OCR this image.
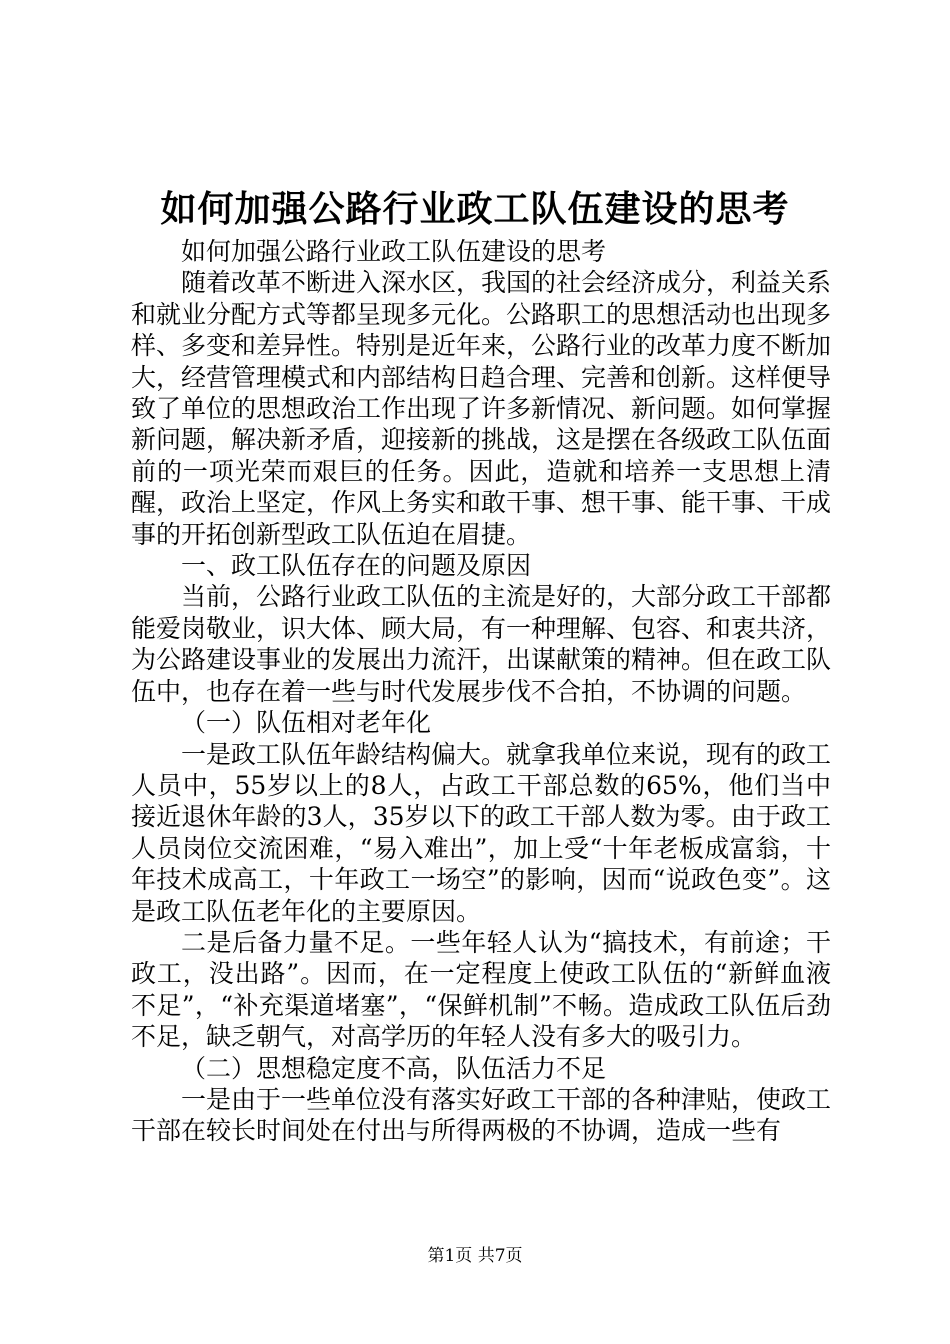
如何加强公路行业政工队伍建设的思考

如何加强公路行业政工队伍建设的思考

随着改革不断进入深水区，我国的社会经济成分，利益关系和就业分配方式等都呈现多元化。公路职工的思想活动也出现多样、多变和差异性。特别是近年来，公路行业的改革力度不断加大，经营管理模式和内部结构日趋合理、完善和创新。这样便导致了单位的思想政治工作出现了许多新情况、新问题。如何掌握新问题，解决新矛盾，迎接新的挑战，这是摆在各级政工队伍面前的一项光荣而艰巨的任务。因此，造就和培养一支思想上清醒，政治上坚定，作风上务实和敢干事、想干事、能干事、干成事的开拓创新型政工队伍迫在眉捷。

一、政工队伍存在的问题及原因

当前，公路行业政工队伍的主流是好的，大部分政工干部都能爱岗敬业，识大体、顾大局，有一种理解、包容、和衷共济，为公路建设事业的发展出力流汗，出谋献策的精神。但在政工队伍中，也存在着一些与时代发展步伐不合拍，不协调的问题。

（一）队伍相对老年化

一是政工队伍年龄结构偏大。就拿我单位来说，现有的政工人员中，55岁以上的8人，占政工干部总数的65%，他们当中接近退休年龄的3人，35岁以下的政工干部人数为零。由于政工人员岗位交流困难，“易入难出”，加上受“十年老板成富翁，十年技术成高工，十年政工一场空”的影响，因而“说政色变”。这是政工队伍老年化的主要原因。

二是后备力量不足。一些年轻人认为“搞技术，有前途；干政工，没出路”。因而，在一定程度上使政工队伍的“新鲜血液不足”，“补充渠道堵塞”，“保鲜机制”不畅。造成政工队伍后劲不足，缺乏朝气，对高学历的年轻人没有多大的吸引力。

（二）思想稳定度不高，队伍活力不足

一是由于一些单位没有落实好政工干部的各种津贴，使政工干部在较长时间处在付出与所得两极的不协调，造成一些有

第1页 共7页
